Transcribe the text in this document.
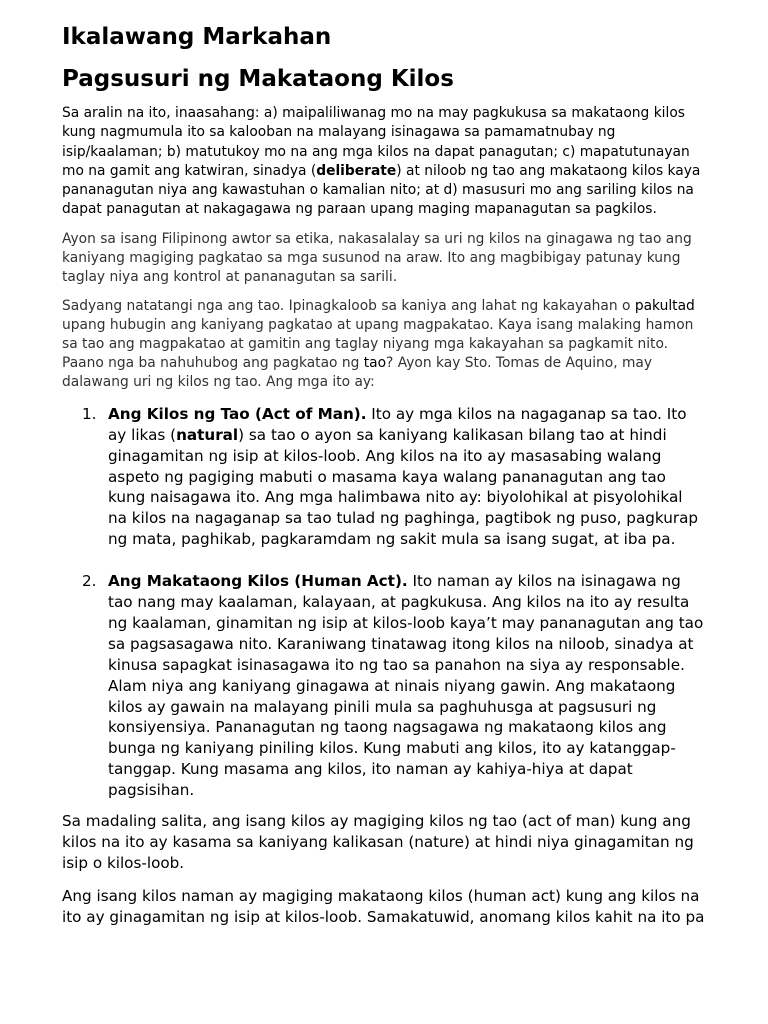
Ikalawang Markahan
Pagsusuri ng Makataong Kilos

Sa aralin na ito, inaasahang: a) maipaliliwanag mo na may pagkukusa sa makataong kilos kung nagmumula ito sa kalooban na malayang isinagawa sa pamamatnubay ng isip/kaalaman; b) matutukoy mo na ang mga kilos na dapat panagutan; c) mapatutunayan mo na gamit ang katwiran, sinadya (deliberate) at niloob ng tao ang makataong kilos kaya pananagutan niya ang kawastuhan o kamalian nito; at d) masusuri mo ang sariling kilos na dapat panagutan at nakagagawa ng paraan upang maging mapanagutan sa pagkilos.

Ayon sa isang Filipinong awtor sa etika, nakasalalay sa uri ng kilos na ginagawa ng tao ang kaniyang magiging pagkatao sa mga susunod na araw. Ito ang magbibigay patunay kung taglay niya ang kontrol at pananagutan sa sarili.

Sadyang natatangi nga ang tao. Ipinagkaloob sa kaniya ang lahat ng kakayahan o pakultad upang hubugin ang kaniyang pagkatao at upang magpakatao. Kaya isang malaking hamon sa tao ang magpakatao at gamitin ang taglay niyang mga kakayahan sa pagkamit nito. Paano nga ba nahuhubog ang pagkatao ng tao? Ayon kay Sto. Tomas de Aquino, may dalawang uri ng kilos ng tao. Ang mga ito ay:

1. Ang Kilos ng Tao (Act of Man). Ito ay mga kilos na nagaganap sa tao. Ito ay likas (natural) sa tao o ayon sa kaniyang kalikasan bilang tao at hindi ginagamitan ng isip at kilos-loob. Ang kilos na ito ay masasabing walang aspeto ng pagiging mabuti o masama kaya walang pananagutan ang tao kung naisagawa ito. Ang mga halimbawa nito ay: biyolohikal at pisyolohikal na kilos na nagaganap sa tao tulad ng paghinga, pagtibok ng puso, pagkurap ng mata, paghikab, pagkaramdam ng sakit mula sa isang sugat, at iba pa.
2. Ang Makataong Kilos (Human Act). Ito naman ay kilos na isinagawa ng tao nang may kaalaman, kalayaan, at pagkukusa. Ang kilos na ito ay resulta ng kaalaman, ginamitan ng isip at kilos-loob kaya’t may pananagutan ang tao sa pagsasagawa nito. Karaniwang tinatawag itong kilos na niloob, sinadya at kinusa sapagkat isinasagawa ito ng tao sa panahon na siya ay responsable. Alam niya ang kaniyang ginagawa at ninais niyang gawin. Ang makataong kilos ay gawain na malayang pinili mula sa paghuhusga at pagsusuri ng konsiyensiya. Pananagutan ng taong nagsagawa ng makataong kilos ang bunga ng kaniyang piniling kilos. Kung mabuti ang kilos, ito ay katanggap-tanggap. Kung masama ang kilos, ito naman ay kahiya-hiya at dapat pagsisihan.

Sa madaling salita, ang isang kilos ay magiging kilos ng tao (act of man) kung ang kilos na ito ay kasama sa kaniyang kalikasan (nature) at hindi niya ginagamitan ng isip o kilos-loob.

Ang isang kilos naman ay magiging makataong kilos (human act) kung ang kilos na ito ay ginagamitan ng isip at kilos-loob. Samakatuwid, anomang kilos kahit na ito pa
